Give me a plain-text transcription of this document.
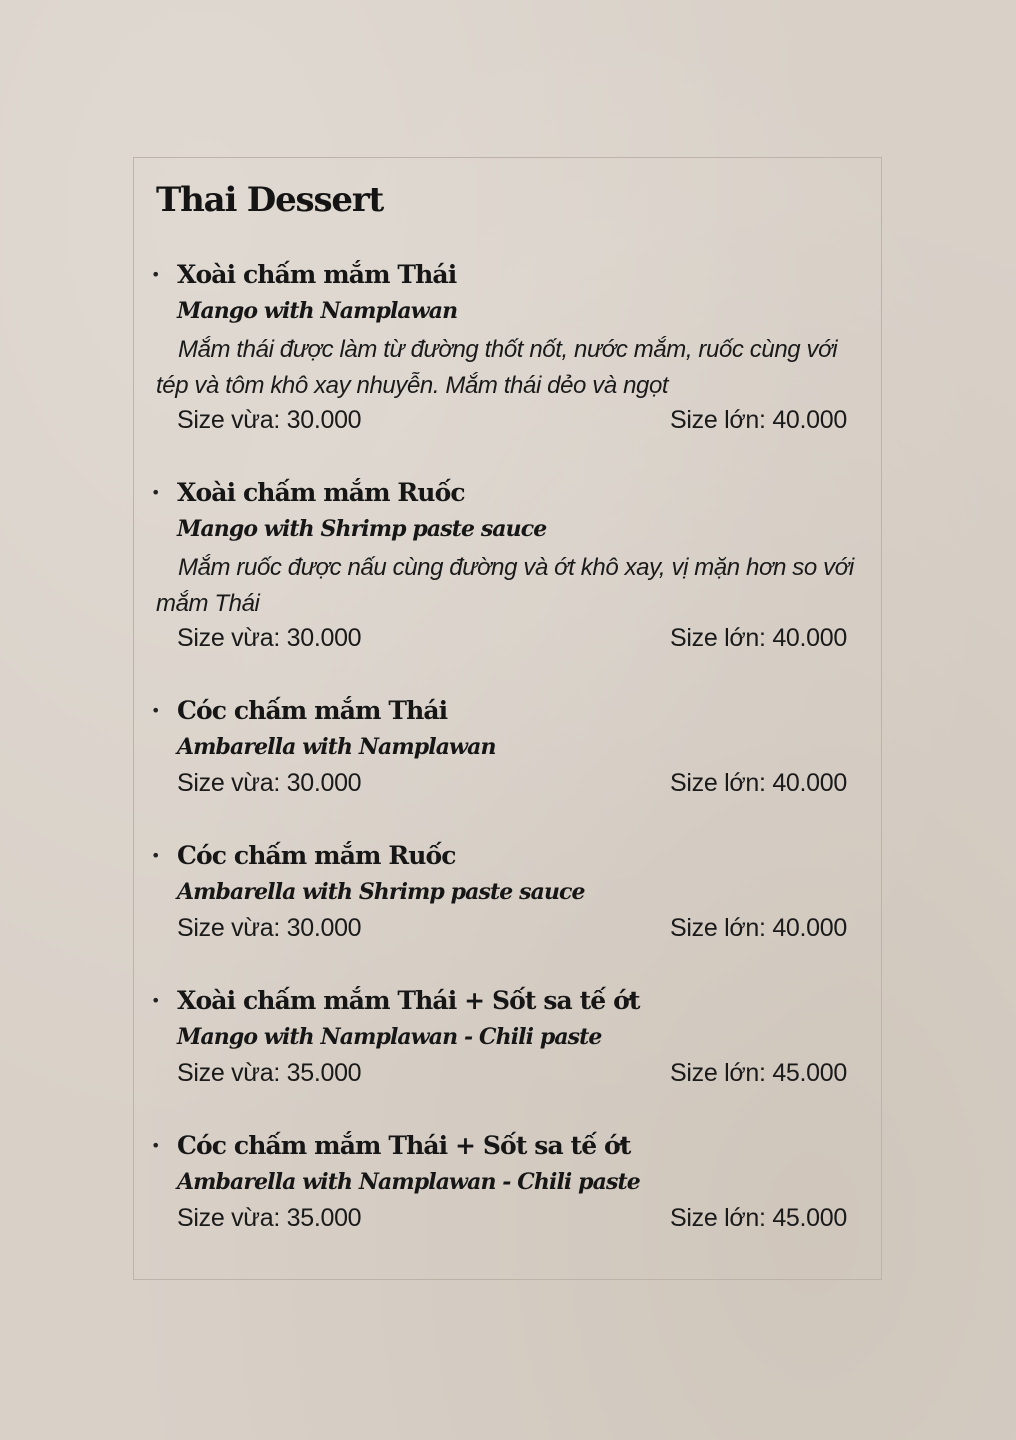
Thai Dessert
• Xoài chấm mắm Thái
Mango with Namplawan
Mắm thái được làm từ đường thốt nốt, nước mắm, ruốc cùng với tép và tôm khô xay nhuyễn. Mắm thái dẻo và ngọt
Size vừa: 30.000	Size lớn: 40.000
• Xoài chấm mắm Ruốc
Mango with Shrimp paste sauce
Mắm ruốc được nấu cùng đường và ớt khô xay, vị mặn hơn so với mắm Thái
Size vừa: 30.000	Size lớn: 40.000
• Cóc chấm mắm Thái
Ambarella with Namplawan
Size vừa: 30.000	Size lớn: 40.000
• Cóc chấm mắm Ruốc
Ambarella with Shrimp paste sauce
Size vừa: 30.000	Size lớn: 40.000
• Xoài chấm mắm Thái + Sốt sa tế ớt
Mango with Namplawan - Chili paste
Size vừa: 35.000	Size lớn: 45.000
• Cóc chấm mắm Thái + Sốt sa tế ớt
Ambarella with Namplawan - Chili paste
Size vừa: 35.000	Size lớn: 45.000
